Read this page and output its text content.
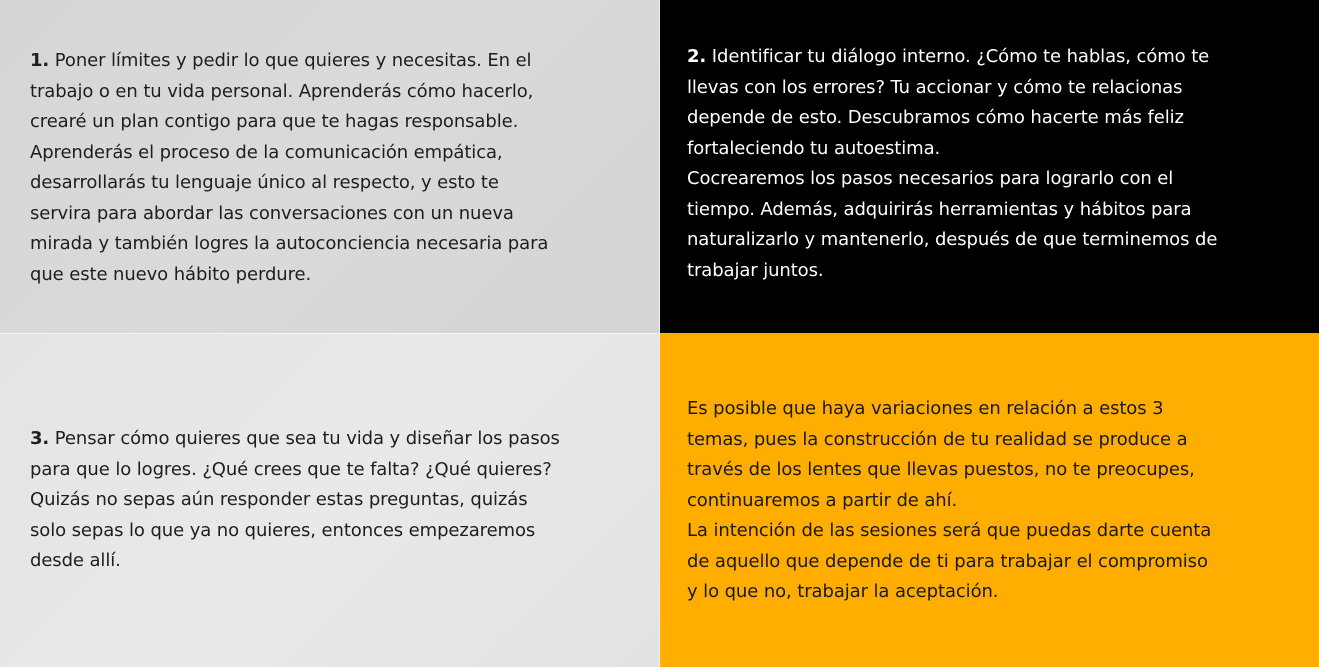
1. Poner límites y pedir lo que quieres y necesitas. En el
trabajo o en tu vida personal. Aprenderás cómo hacerlo,
crearé un plan contigo para que te hagas responsable.
Aprenderás el proceso de la comunicación empática,
desarrollarás tu lenguaje único al respecto, y esto te
servira para abordar las conversaciones con un nueva
mirada y también logres la autoconciencia necesaria para
que este nuevo hábito perdure.

2. Identificar tu diálogo interno. ¿Cómo te hablas, cómo te
llevas con los errores? Tu accionar y cómo te relacionas
depende de esto. Descubramos cómo hacerte más feliz
fortaleciendo tu autoestima.
Cocrearemos los pasos necesarios para lograrlo con el
tiempo. Además, adquirirás herramientas y hábitos para
naturalizarlo y mantenerlo, después de que terminemos de
trabajar juntos.

3. Pensar cómo quieres que sea tu vida y diseñar los pasos
para que lo logres. ¿Qué crees que te falta? ¿Qué quieres?
Quizás no sepas aún responder estas preguntas, quizás
solo sepas lo que ya no quieres, entonces empezaremos
desde allí.

Es posible que haya variaciones en relación a estos 3
temas, pues la construcción de tu realidad se produce a
través de los lentes que llevas puestos, no te preocupes,
continuaremos a partir de ahí.
La intención de las sesiones será que puedas darte cuenta
de aquello que depende de ti para trabajar el compromiso
y lo que no, trabajar la aceptación.
